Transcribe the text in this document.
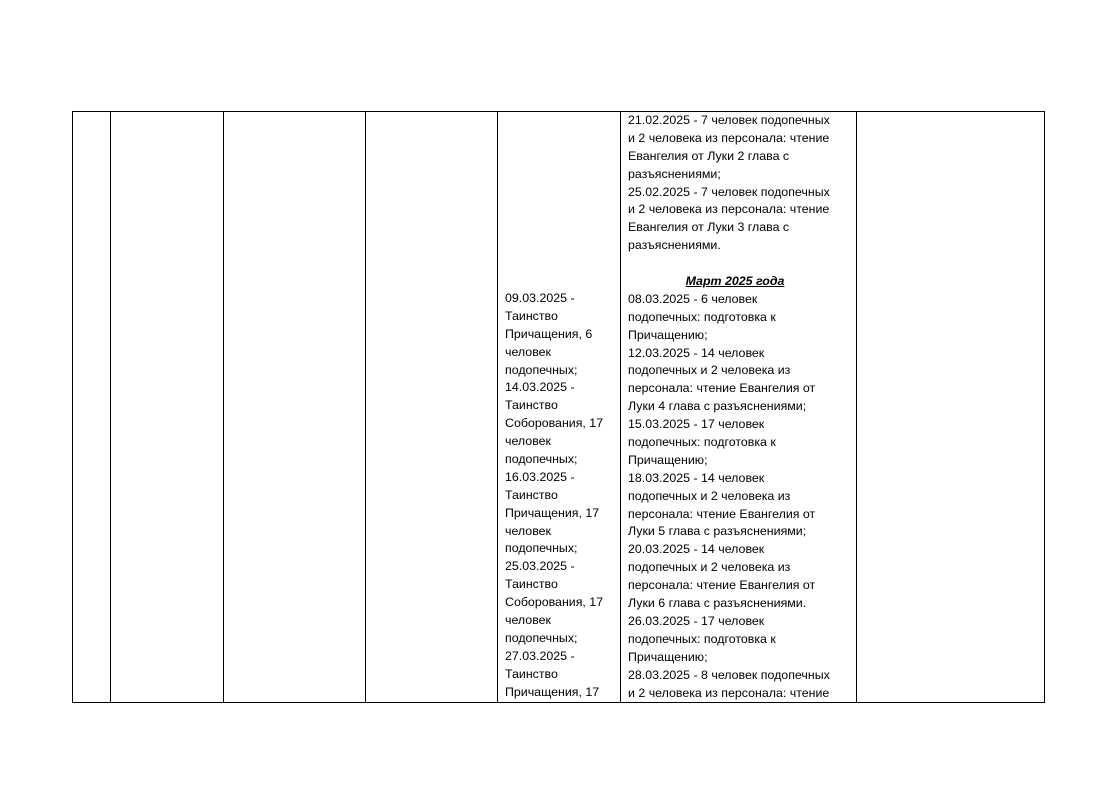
09.03.2025 -
Таинство
Причащения, 6
человек
подопечных;
14.03.2025 -
Таинство
Соборования, 17
человек
подопечных;
16.03.2025 -
Таинство
Причащения, 17
человек
подопечных;
25.03.2025 -
Таинство
Соборования, 17
человек
подопечных;
27.03.2025 -
Таинство
Причащения, 17

21.02.2025 - 7 человек подопечных
и 2 человека из персонала: чтение
Евангелия от Луки 2 глава с
разъяснениями;
25.02.2025 - 7 человек подопечных
и 2 человека из персонала: чтение
Евангелия от Луки 3 глава с
разъяснениями.
Март 2025 года
08.03.2025 - 6 человек
подопечных: подготовка к
Причащению;
12.03.2025 - 14 человек
подопечных и 2 человека из
персонала: чтение Евангелия от
Луки 4 глава с разъяснениями;
15.03.2025 - 17 человек
подопечных: подготовка к
Причащению;
18.03.2025 - 14 человек
подопечных и 2 человека из
персонала: чтение Евангелия от
Луки 5 глава с разъяснениями;
20.03.2025 - 14 человек
подопечных и 2 человека из
персонала: чтение Евангелия от
Луки 6 глава с разъяснениями.
26.03.2025 - 17 человек
подопечных: подготовка к
Причащению;
28.03.2025 - 8 человек подопечных
и 2 человека из персонала: чтение
